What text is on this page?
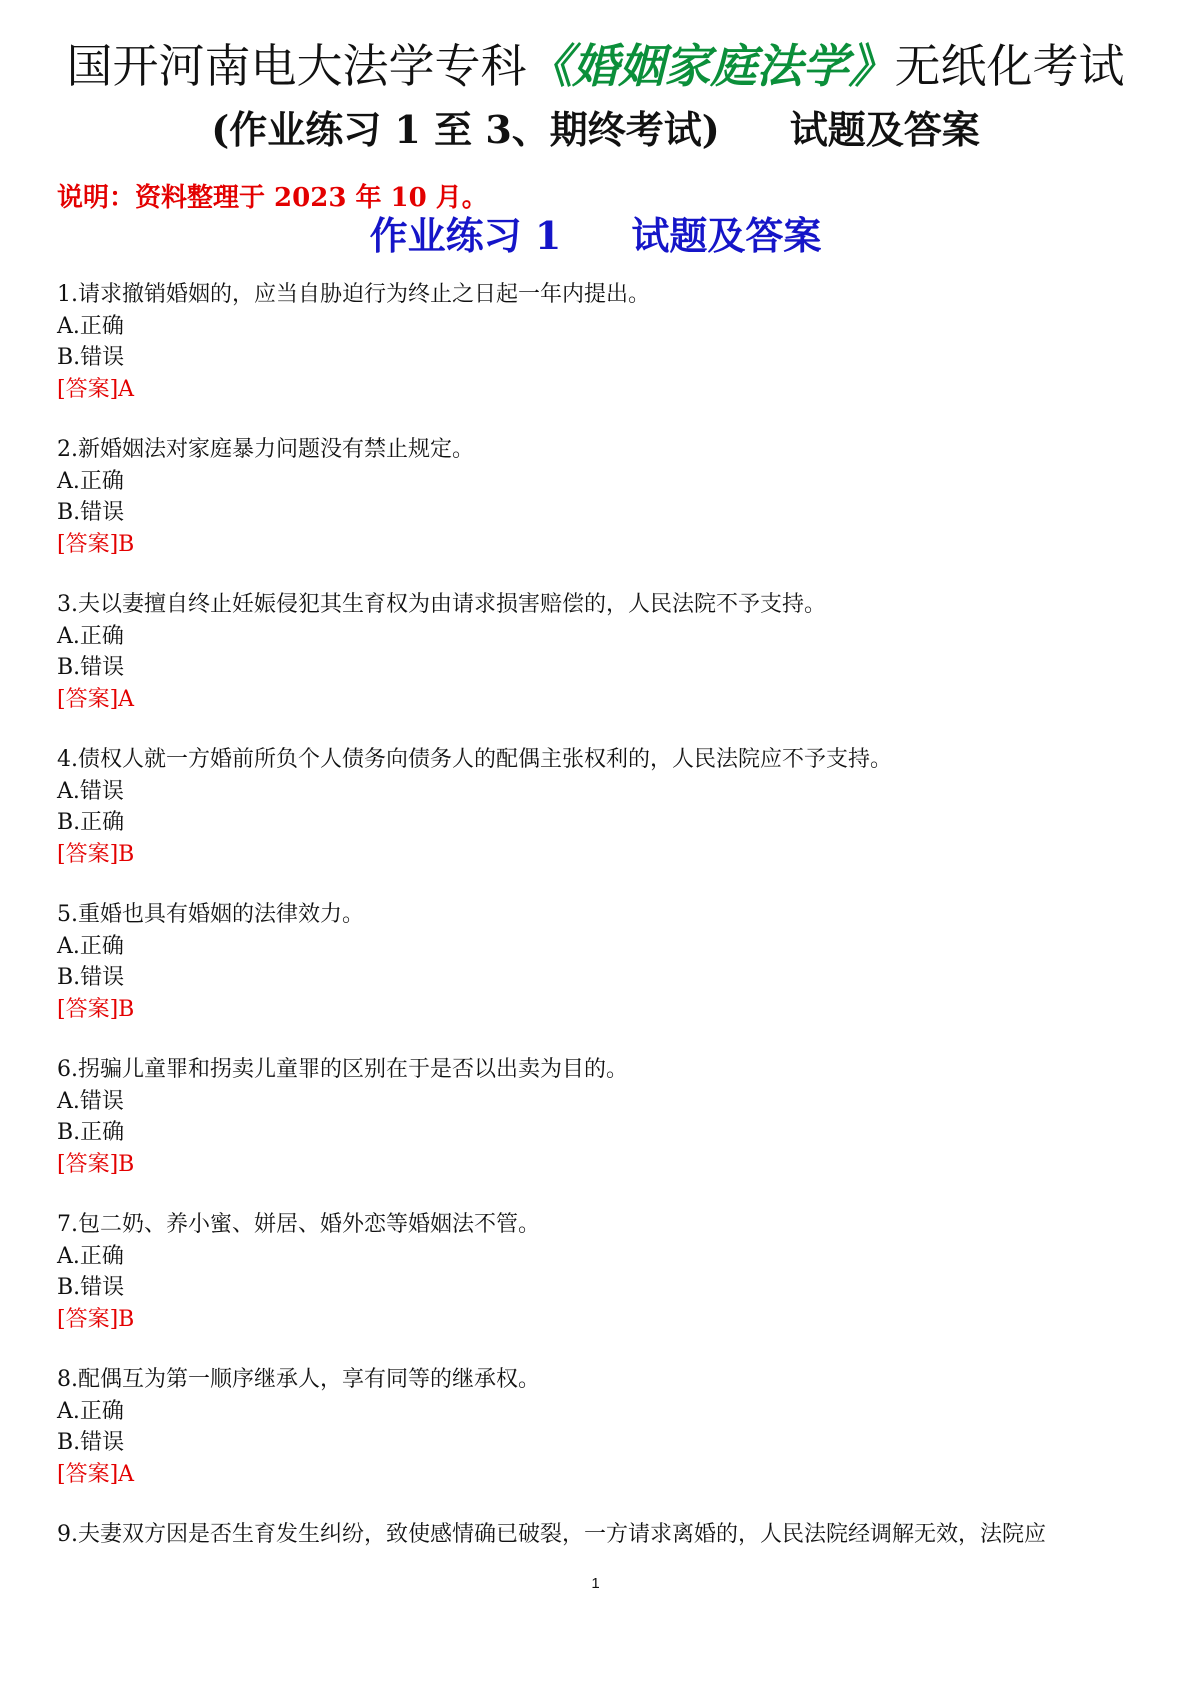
国开河南电大法学专科《婚姻家庭法学》无纸化考试
(作业练习 1 至 3、期终考试) 试题及答案
说明：资料整理于 2023 年 10 月。
作业练习 1 试题及答案
1.请求撤销婚姻的，应当自胁迫行为终止之日起一年内提出。
A.正确
B.错误
[答案]A
2.新婚姻法对家庭暴力问题没有禁止规定。
A.正确
B.错误
[答案]B
3.夫以妻擅自终止妊娠侵犯其生育权为由请求损害赔偿的，人民法院不予支持。
A.正确
B.错误
[答案]A
4.债权人就一方婚前所负个人债务向债务人的配偶主张权利的，人民法院应不予支持。
A.错误
B.正确
[答案]B
5.重婚也具有婚姻的法律效力。
A.正确
B.错误
[答案]B
6.拐骗儿童罪和拐卖儿童罪的区别在于是否以出卖为目的。
A.错误
B.正确
[答案]B
7.包二奶、养小蜜、姘居、婚外恋等婚姻法不管。
A.正确
B.错误
[答案]B
8.配偶互为第一顺序继承人，享有同等的继承权。
A.正确
B.错误
[答案]A
9.夫妻双方因是否生育发生纠纷，致使感情确已破裂，一方请求离婚的，人民法院经调解无效，法院应
1
